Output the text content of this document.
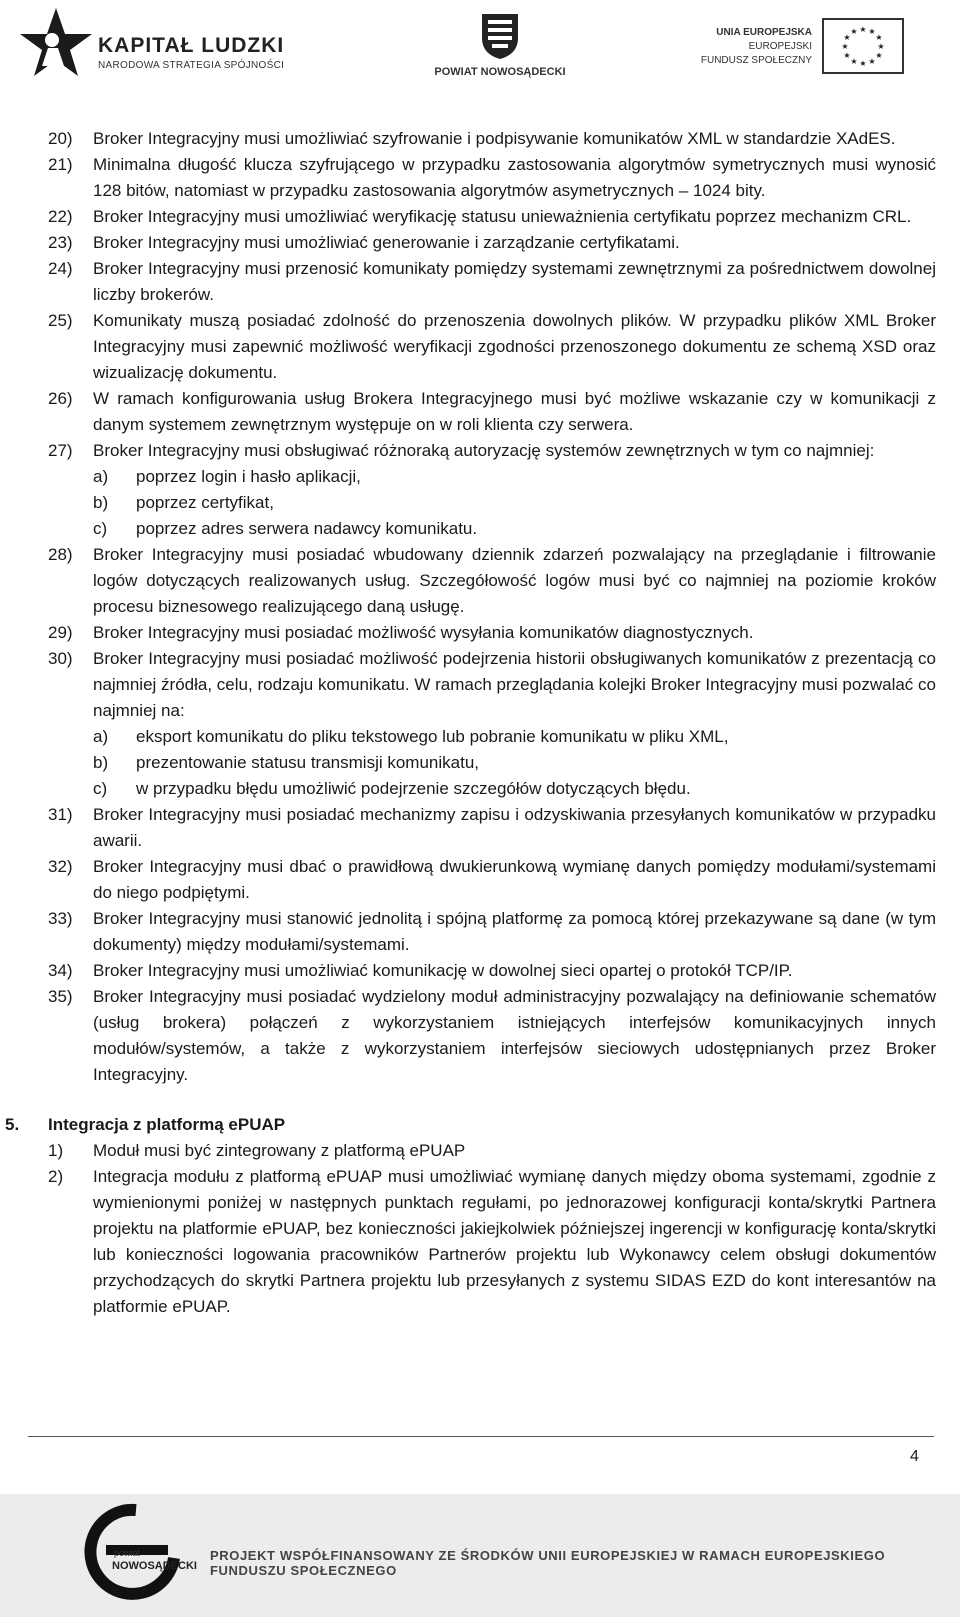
KAPITAŁ LUDZKI
NARODOWA STRATEGIA SPÓJNOŚCI
POWIAT NOWOSĄDECKI
UNIA EUROPEJSKA
EUROPEJSKI
FUNDUSZ SPOŁECZNY
★ ★
★
★
★
★
★
★
★
★
★
★
20) Broker Integracyjny musi umożliwiać szyfrowanie i podpisywanie komunikatów XML w standardzie XAdES.
21) Minimalna długość klucza szyfrującego w przypadku zastosowania algorytmów symetrycznych musi wynosić 128 bitów, natomiast w przypadku zastosowania algorytmów asymetrycznych – 1024 bity.
22) Broker Integracyjny musi umożliwiać weryfikację statusu unieważnienia certyfikatu poprzez mechanizm CRL.
23) Broker Integracyjny musi umożliwiać generowanie i zarządzanie certyfikatami.
24) Broker Integracyjny musi przenosić komunikaty pomiędzy systemami zewnętrznymi za pośrednictwem dowolnej liczby brokerów.
25) Komunikaty muszą posiadać zdolność do przenoszenia dowolnych plików. W przypadku plików XML Broker Integracyjny musi zapewnić możliwość weryfikacji zgodności przenoszonego dokumentu ze schemą XSD oraz wizualizację dokumentu.
26) W ramach konfigurowania usług Brokera Integracyjnego musi być możliwe wskazanie czy w komunikacji z danym systemem zewnętrznym występuje on w roli klienta czy serwera.
27) Broker Integracyjny musi obsługiwać różnoraką autoryzację systemów zewnętrznych w tym co najmniej:
a) poprzez login i hasło aplikacji,
b) poprzez certyfikat,
c) poprzez adres serwera nadawcy komunikatu.
28) Broker Integracyjny musi posiadać wbudowany dziennik zdarzeń pozwalający na przeglądanie i filtrowanie logów dotyczących realizowanych usług. Szczegółowość logów musi być co najmniej na poziomie kroków procesu biznesowego realizującego daną usługę.
29) Broker Integracyjny musi posiadać możliwość wysyłania komunikatów diagnostycznych.
30) Broker Integracyjny musi posiadać możliwość podejrzenia historii obsługiwanych komunikatów z prezentacją co najmniej źródła, celu, rodzaju komunikatu. W ramach przeglądania kolejki Broker Integracyjny musi pozwalać co najmniej na:
a) eksport komunikatu do pliku tekstowego lub pobranie komunikatu w pliku XML,
b) prezentowanie statusu transmisji komunikatu,
c) w przypadku błędu umożliwić podejrzenie szczegółów dotyczących błędu.
31) Broker Integracyjny musi posiadać mechanizmy zapisu i odzyskiwania przesyłanych komunikatów w przypadku awarii.
32) Broker Integracyjny musi dbać o prawidłową dwukierunkową wymianę danych pomiędzy modułami/systemami do niego podpiętymi.
33) Broker Integracyjny musi stanowić jednolitą i spójną platformę za pomocą której przekazywane są dane (w tym dokumenty) między modułami/systemami.
34) Broker Integracyjny musi umożliwiać komunikację w dowolnej sieci opartej o protokół TCP/IP.
35) Broker Integracyjny musi posiadać wydzielony moduł administracyjny pozwalający na definiowanie schematów (usług brokera) połączeń z wykorzystaniem istniejących interfejsów komunikacyjnych innych modułów/systemów, a także z wykorzystaniem interfejsów sieciowych udostępnianych przez Broker Integracyjny.
5. Integracja z platformą ePUAP
1) Moduł musi być zintegrowany z platformą ePUAP
2) Integracja modułu z platformą ePUAP musi umożliwiać wymianę danych między oboma systemami, zgodnie z wymienionymi poniżej w następnych punktach regułami, po jednorazowej konfiguracji konta/skrytki Partnera projektu na platformie ePUAP, bez konieczności jakiejkolwiek późniejszej ingerencji w konfigurację konta/skrytki lub konieczności logowania pracowników Partnerów projektu lub Wykonawcy celem obsługi dokumentów przychodzących do skrytki Partnera projektu lub przesyłanych z systemu SIDAS EZD do kont interesantów na platformie ePUAP.
4
powiat
NOWOSĄDECKI
PROJEKT WSPÓŁFINANSOWANY ZE ŚRODKÓW UNII EUROPEJSKIEJ W RAMACH EUROPEJSKIEGO FUNDUSZU SPOŁECZNEGO
